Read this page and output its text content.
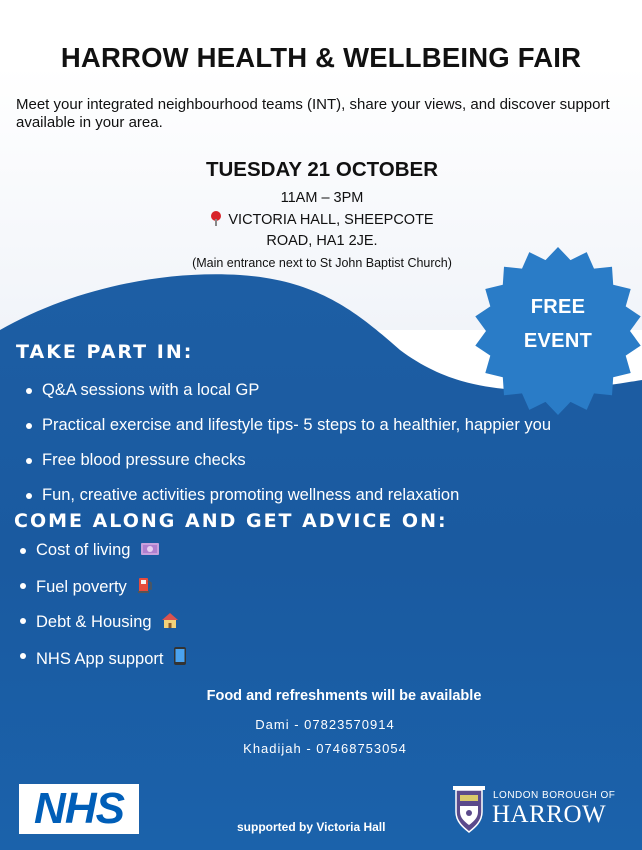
HARROW HEALTH & WELLBEING FAIR
Meet your integrated neighbourhood teams (INT), share your views, and discover support available in your area.
TUESDAY 21 OCTOBER
11AM – 3PM
VICTORIA HALL, SHEEPCOTE
ROAD, HA1 2JE.
(Main entrance next to St John Baptist Church)
FREE
EVENT
TAKE PART IN:
Q&A sessions with a local GP
Practical exercise and lifestyle tips- 5 steps to a healthier, happier you
Free blood pressure checks
Fun, creative activities promoting wellness and relaxation
COME ALONG AND GET ADVICE ON:
Cost of living
Fuel poverty
Debt & Housing
NHS App support
Food and refreshments will be available
Dami - 07823570914
Khadijah - 07468753054
NHS	supported by Victoria Hall
LONDON BOROUGH OF
HARROW
